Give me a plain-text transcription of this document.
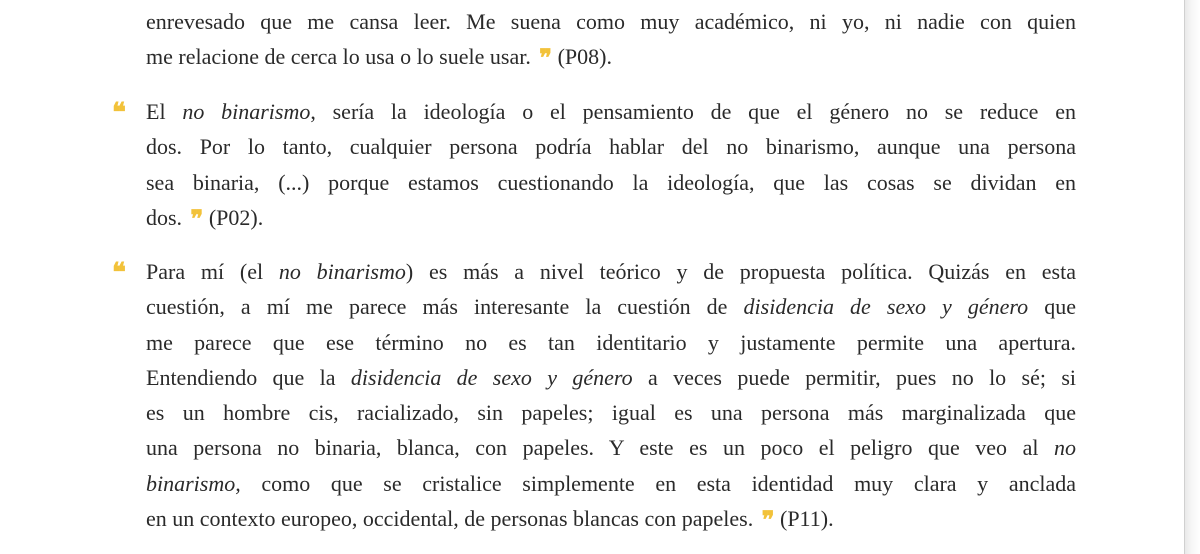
enrevesado que me cansa leer. Me suena como muy académico, ni yo, ni nadie con quien
me relacione de cerca lo usa o lo suele usar. ❞ (P08).
❝ El no binarismo, sería la ideología o el pensamiento de que el género no se reduce en
dos. Por lo tanto, cualquier persona podría hablar del no binarismo, aunque una persona
sea binaria, (...) porque estamos cuestionando la ideología, que las cosas se dividan en
dos. ❞ (P02).
❝ Para mí (el no binarismo) es más a nivel teórico y de propuesta política. Quizás en esta
cuestión, a mí me parece más interesante la cuestión de disidencia de sexo y género que
me parece que ese término no es tan identitario y justamente permite una apertura.
Entendiendo que la disidencia de sexo y género a veces puede permitir, pues no lo sé; si
es un hombre cis, racializado, sin papeles; igual es una persona más marginalizada que
una persona no binaria, blanca, con papeles. Y este es un poco el peligro que veo al no
binarismo, como que se cristalice simplemente en esta identidad muy clara y anclada
en un contexto europeo, occidental, de personas blancas con papeles. ❞ (P11).
